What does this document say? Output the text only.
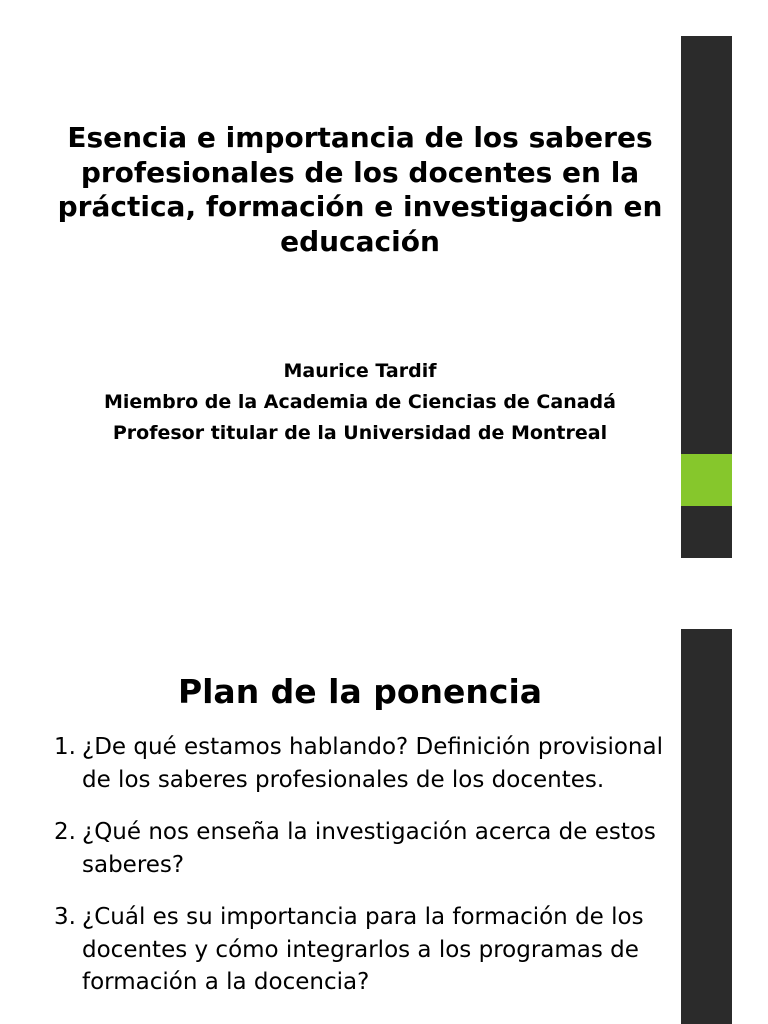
Esencia e importancia de los saberes profesionales de los docentes en la práctica, formación e investigación en educación
Maurice Tardif
Miembro de la Academia de Ciencias de Canadá
Profesor titular de la Universidad de Montreal
Plan de la ponencia
1. ¿De qué estamos hablando? Definición provisional de los saberes profesionales de los docentes.
2. ¿Qué nos enseña la investigación acerca de estos saberes?
3. ¿Cuál es su importancia para la formación de los docentes y cómo integrarlos a los programas de formación a la docencia?
